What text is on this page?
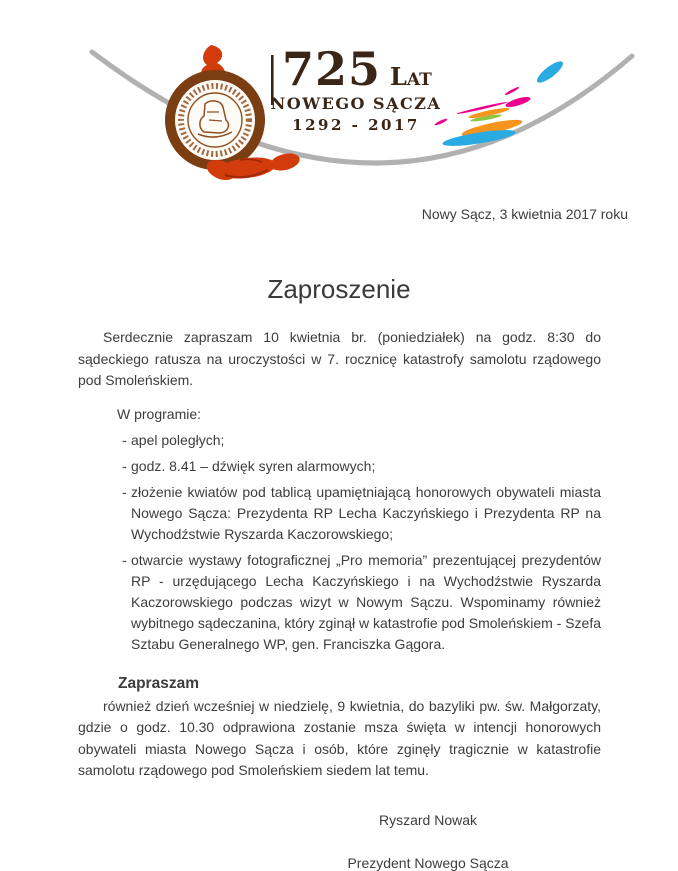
725 Lat
NOWEGO SĄCZA
1292 - 2017
Nowy Sącz, 3 kwietnia 2017 roku
Zaproszenie

Serdecznie zapraszam 10 kwietnia br. (poniedziałek) na godz. 8:30 do sądeckiego ratusza na uroczystości w 7. rocznicę katastrofy samolotu rządowego pod Smoleńskiem.

W programie:
- apel poległych;
- godz. 8.41 – dźwięk syren alarmowych;
- złożenie kwiatów pod tablicą upamiętniającą honorowych obywateli miasta Nowego Sącza: Prezydenta RP Lecha Kaczyńskiego i Prezydenta RP na Wychodźstwie Ryszarda Kaczorowskiego;
- otwarcie wystawy fotograficznej „Pro memoria” prezentującej prezydentów RP - urzędującego Lecha Kaczyńskiego i na Wychodźstwie Ryszarda Kaczorowskiego podczas wizyt w Nowym Sączu. Wspominamy również wybitnego sądeczanina, który zginął w katastrofie pod Smoleńskiem - Szefa Sztabu Generalnego WP, gen. Franciszka Gągora.
Zapraszam

również dzień wcześniej w niedzielę, 9 kwietnia, do bazyliki pw. św. Małgorzaty, gdzie o godz. 10.30 odprawiona zostanie msza święta w intencji honorowych obywateli miasta Nowego Sącza i osób, które zginęły tragicznie w katastrofie samolotu rządowego pod Smoleńskiem siedem lat temu.

Ryszard Nowak
Prezydent Nowego Sącza
